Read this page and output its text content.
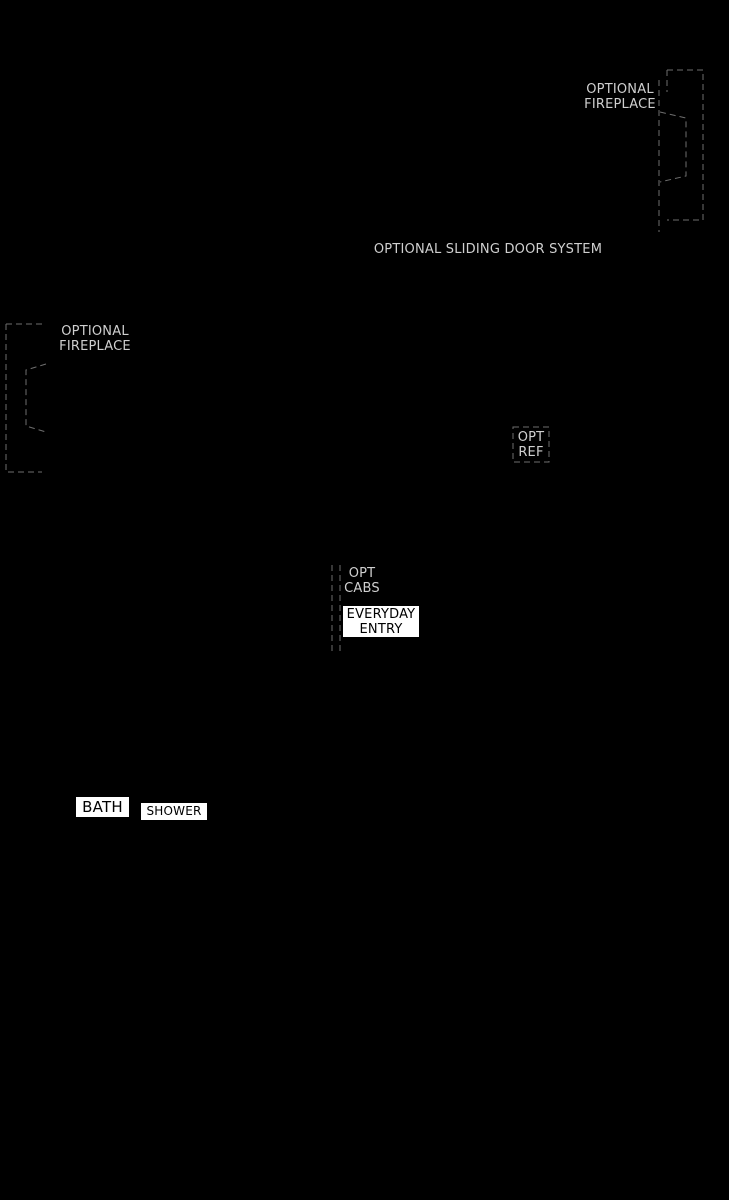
OPTIONAL
FIREPLACE
OPTIONAL SLIDING DOOR SYSTEM
OPTIONAL
FIREPLACE
OPT
REF
OPT
CABS
EVERYDAY
ENTRY
BATH	SHOWER
